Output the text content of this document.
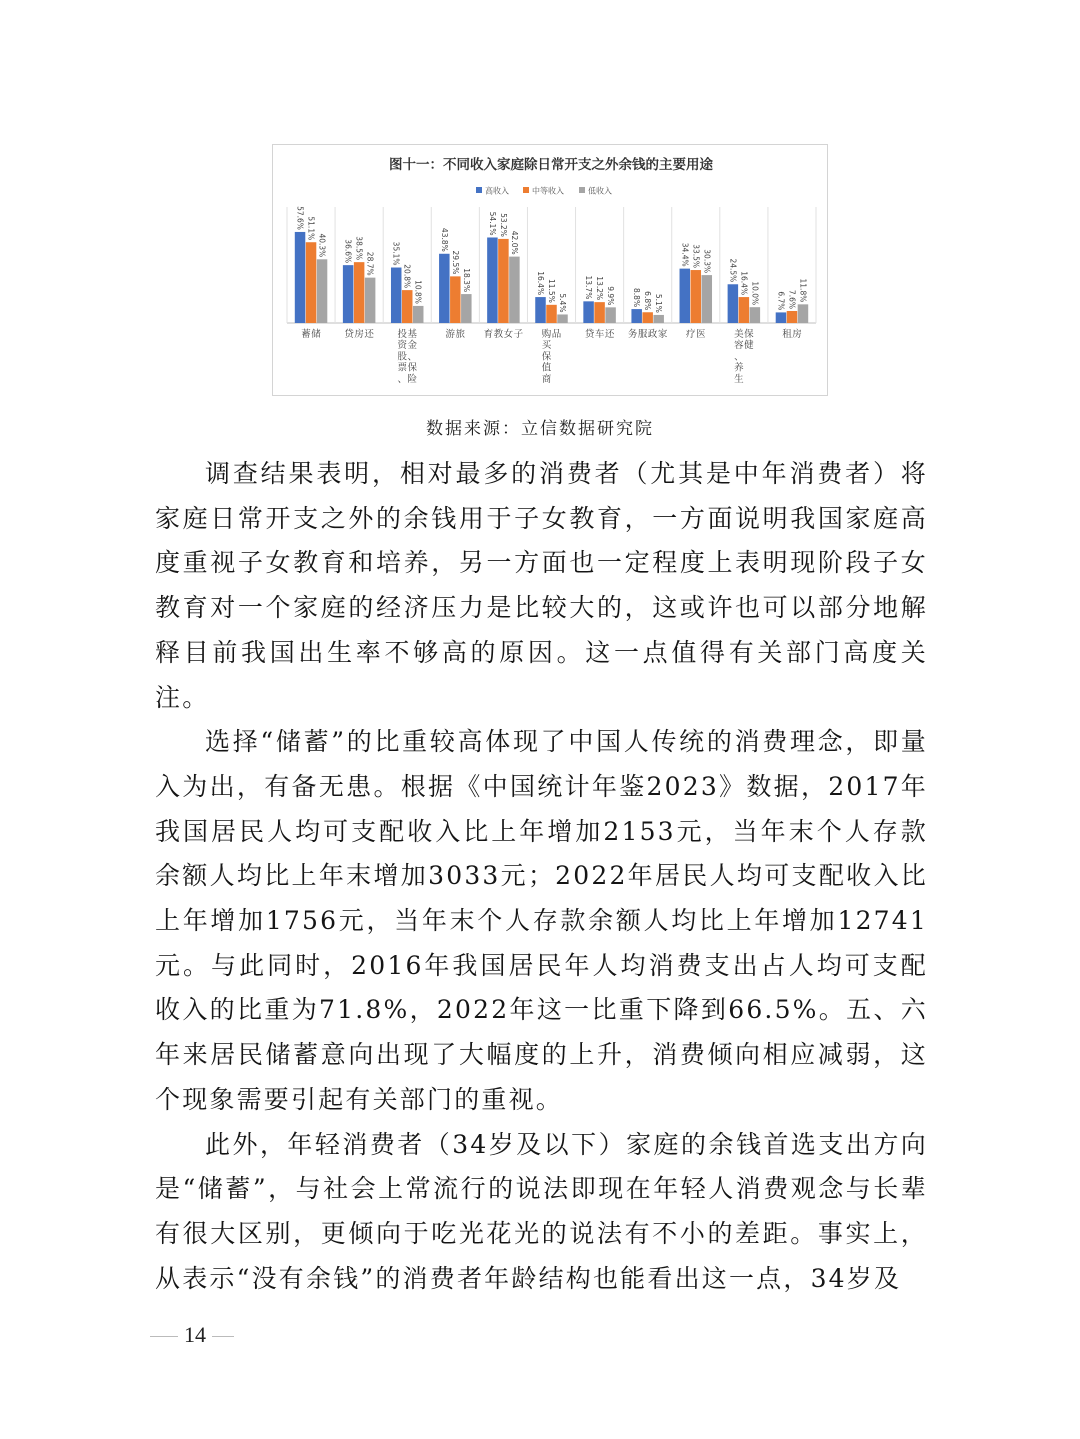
图十一：不同收入家庭除日常开支之外余钱的主要用途
高收入	中等收入	低收入
57.6% 51.1%
40.3%
储
蓄
36.6% 38.5%
28.7%
还
房
贷
35.1%
20.8%
10.8%
基金、保险
投资股票、
43.8%
29.5%
18.3%
旅
游
54.1% 53.2%
42.0%
子
女
教
育
16.4% 11.5%
5.4%
品
购买保值商
13.7% 13.2% 9.9%
还
车
贷
8.8% 6.8% 5.1%
家
政
服
务
34.4% 33.5% 30.3%
医
疗
24.5%
16.4% 10.0%
保健
美容、养生
6.7% 7.6% 11.8%
房
租
数据来源：立信数据研究院

调查结果表明，相对最多的消费者（尤其是中年消费者）将家庭日常开支之外的余钱用于子女教育，一方面说明我国家庭高度重视子女教育和培养，另一方面也一定程度上表明现阶段子女教育对一个家庭的经济压力是比较大的，这或许也可以部分地解释目前我国出生率不够高的原因。这一点值得有关部门高度关注。

选择“储蓄”的比重较高体现了中国人传统的消费理念，即量入为出，有备无患。根据《中国统计年鉴2023》数据，2017年我国居民人均可支配收入比上年增加2153元，当年末个人存款余额人均比上年末增加3033元；2022年居民人均可支配收入比上年增加1756元，当年末个人存款余额人均比上年增加12741元。与此同时，2016年我国居民年人均消费支出占人均可支配收入的比重为71.8%，2022年这一比重下降到66.5%。五、六年来居民储蓄意向出现了大幅度的上升，消费倾向相应减弱，这个现象需要引起有关部门的重视。

此外，年轻消费者（34岁及以下）家庭的余钱首选支出方向是“储蓄”，与社会上常流行的说法即现在年轻人消费观念与长辈有很大区别，更倾向于吃光花光的说法有不小的差距。事实上，从表示“没有余钱”的消费者年龄结构也能看出这一点，34岁及

14
